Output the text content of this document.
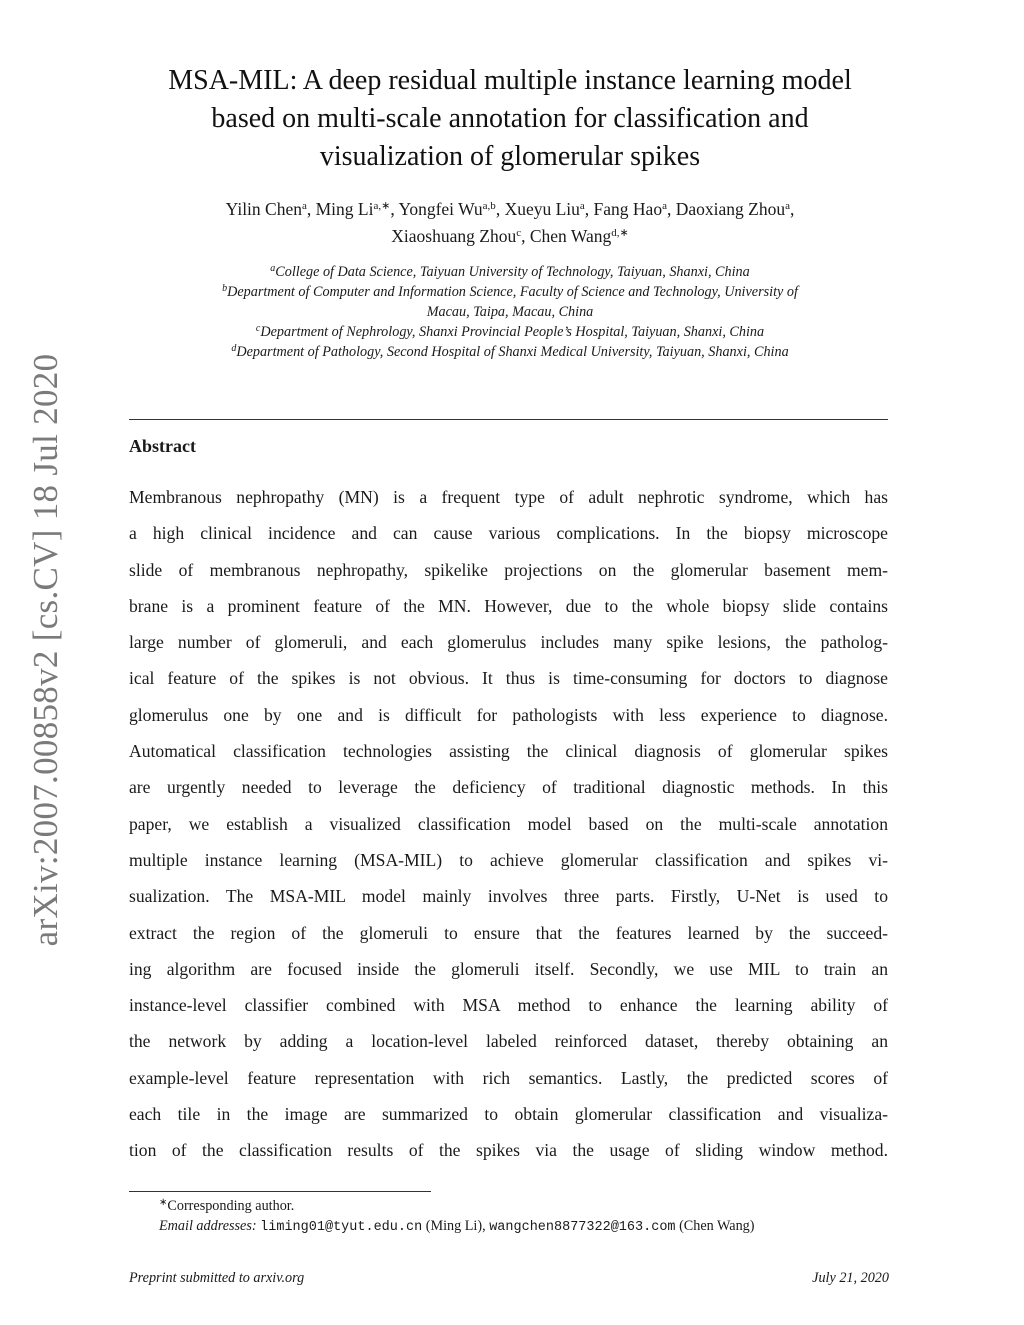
arXiv:2007.00858v2 [cs.CV] 18 Jul 2020
MSA-MIL: A deep residual multiple instance learning model
based on multi-scale annotation for classification and
visualization of glomerular spikes
Yilin Chen$^a$, Ming $Li^{a,∗}$, Yongfei Wu$^{a,b}$, Xueyu Liu$^a$, Fang Hao$^a$, Daoxiang Zhou$^a$,
Xiaoshuang Zhou$^c$, Chen Wang$^{d,∗}$
$^a$College of Data Science, Taiyuan University of Technology, Taiyuan, Shanxi, China
$^b$Department of Computer and Information Science, Faculty of Science and Technology, University of
Macau, Taipa, Macau, China
$^c$Department of Nephrology, Shanxi Provincial People’s Hospital, Taiyuan, Shanxi, China
$^d$Department of Pathology, Second Hospital of Shanxi Medical University, Taiyuan, Shanxi, China
Abstract
Membranous nephropathy (MN) is a frequent type of adult nephrotic syndrome, which has
a high clinical incidence and can cause various complications. In the biopsy microscope
slide of membranous nephropathy, spikelike projections on the glomerular basement mem-
brane is a prominent feature of the MN. However, due to the whole biopsy slide contains
large number of glomeruli, and each glomerulus includes many spike lesions, the patholog-
ical feature of the spikes is not obvious. It thus is time-consuming for doctors to diagnose
glomerulus one by one and is difficult for pathologists with less experience to diagnose.
Automatical classification technologies assisting the clinical diagnosis of glomerular spikes
are urgently needed to leverage the deficiency of traditional diagnostic methods. In this
paper, we establish a visualized classification model based on the multi-scale annotation
multiple instance learning (MSA-MIL) to achieve glomerular classification and spikes vi-
sualization. The MSA-MIL model mainly involves three parts. Firstly, U-Net is used to
extract the region of the glomeruli to ensure that the features learned by the succeed-
ing algorithm are focused inside the glomeruli itself. Secondly, we use MIL to train an
instance-level classifier combined with MSA method to enhance the learning ability of
the network by adding a location-level labeled reinforced dataset, thereby obtaining an
example-level feature representation with rich semantics. Lastly, the predicted scores of
each tile in the image are summarized to obtain glomerular classification and visualiza-
tion of the classification results of the spikes via the usage of sliding window method.
∗Corresponding author.
Email addresses: liming01@tyut.edu.cn (Ming Li), wangchen8877322@163.com (Chen Wang)
Preprint submitted to arxiv.org	July 21, 2020
